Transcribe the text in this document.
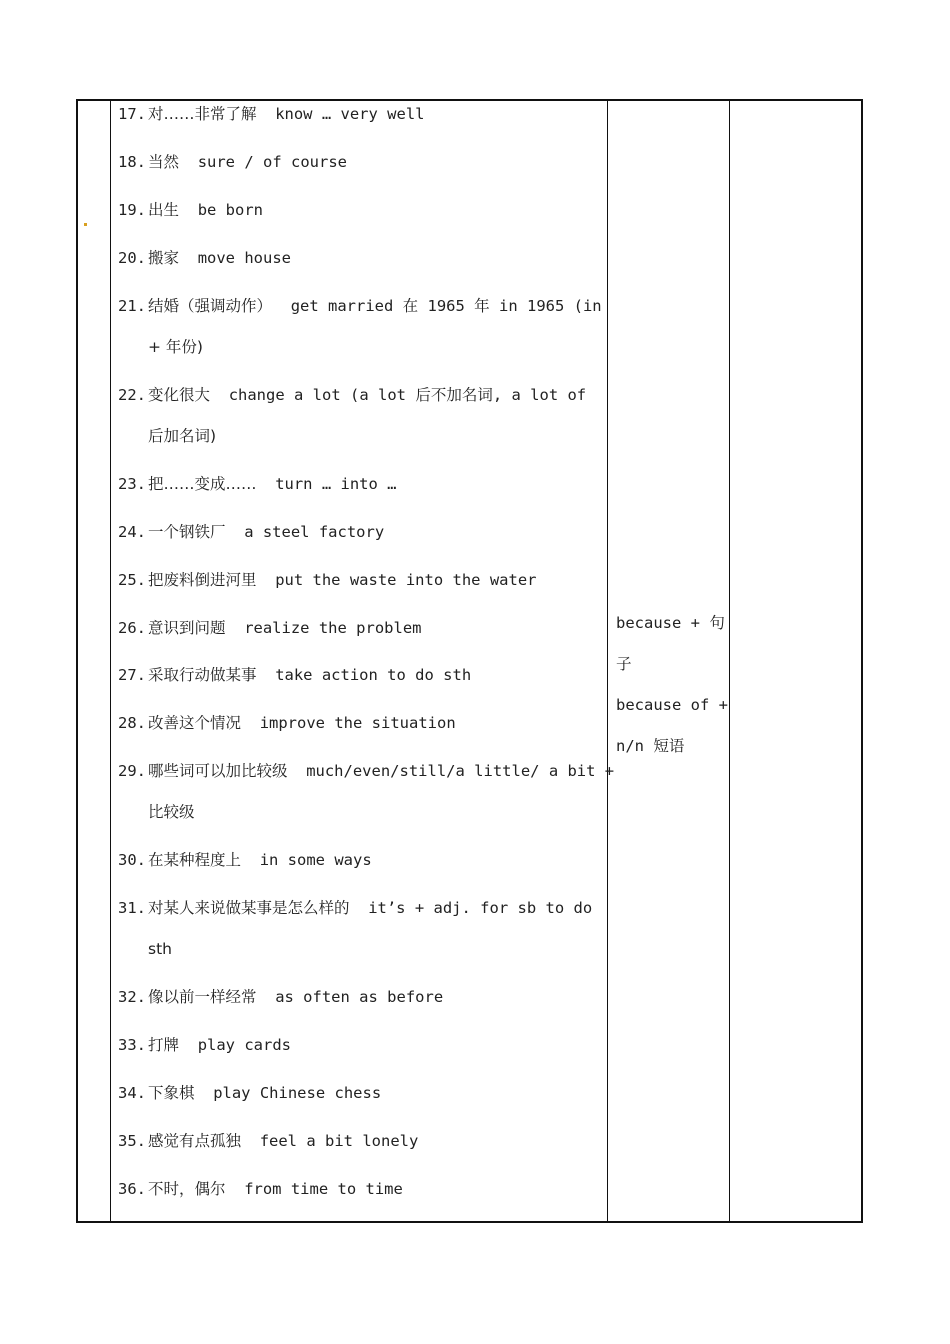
17. 对……非常了解 know … very well
18. 当然 sure / of course
19. 出生 be born
20. 搬家 move house
21. 结婚（强调动作） get married 在 1965 年 in 1965 (in
+ 年份)
22. 变化很大 change a lot (a lot 后不加名词, a lot of
后加名词)
23. 把……变成…… turn … into …
24. 一个钢铁厂 a steel factory
25. 把废料倒进河里 put the waste into the water
26. 意识到问题 realize the problem
27. 采取行动做某事 take action to do sth
28. 改善这个情况 improve the situation
29. 哪些词可以加比较级 much/even/still/a little/ a bit +
比较级
30. 在某种程度上 in some ways
31. 对某人来说做某事是怎么样的 it’s + adj. for sb to do
sth
32. 像以前一样经常 as often as before
33. 打牌 play cards
34. 下象棋 play Chinese chess
35. 感觉有点孤独 feel a bit lonely
36. 不时，偶尔 from time to time
because + 句
子
because of +
n/n 短语
